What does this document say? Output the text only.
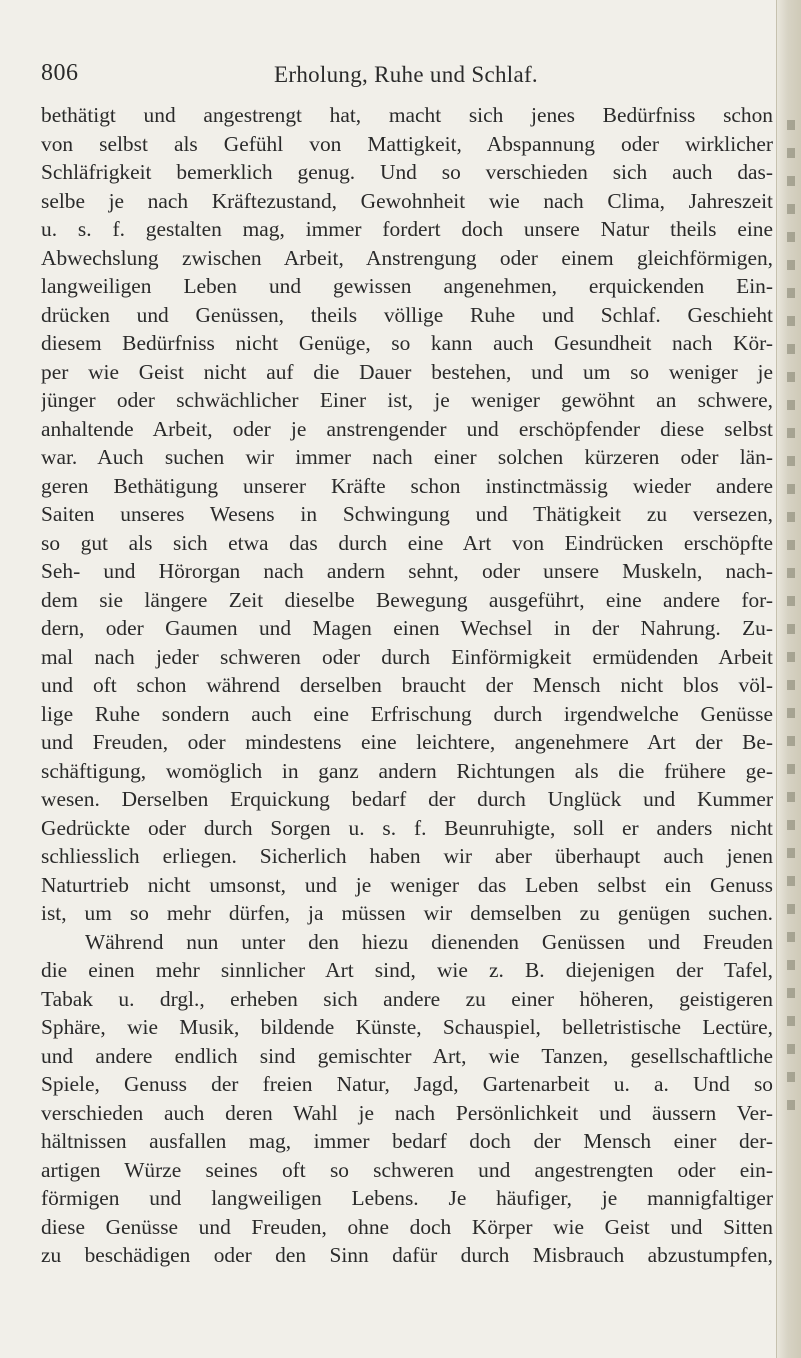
806	Erholung, Ruhe und Schlaf.
bethätigt und angestrengt hat, macht sich jenes Bedürfniss schon
von selbst als Gefühl von Mattigkeit, Abspannung oder wirklicher
Schläfrigkeit bemerklich genug. Und so verschieden sich auch das-
selbe je nach Kräftezustand, Gewohnheit wie nach Clima, Jahreszeit
u. s. f. gestalten mag, immer fordert doch unsere Natur theils eine
Abwechslung zwischen Arbeit, Anstrengung oder einem gleichförmigen,
langweiligen Leben und gewissen angenehmen, erquickenden Ein-
drücken und Genüssen, theils völlige Ruhe und Schlaf. Geschieht
diesem Bedürfniss nicht Genüge, so kann auch Gesundheit nach Kör-
per wie Geist nicht auf die Dauer bestehen, und um so weniger je
jünger oder schwächlicher Einer ist, je weniger gewöhnt an schwere,
anhaltende Arbeit, oder je anstrengender und erschöpfender diese selbst
war. Auch suchen wir immer nach einer solchen kürzeren oder län-
geren Bethätigung unserer Kräfte schon instinctmässig wieder andere
Saiten unseres Wesens in Schwingung und Thätigkeit zu versezen,
so gut als sich etwa das durch eine Art von Eindrücken erschöpfte
Seh- und Hörorgan nach andern sehnt, oder unsere Muskeln, nach-
dem sie längere Zeit dieselbe Bewegung ausgeführt, eine andere for-
dern, oder Gaumen und Magen einen Wechsel in der Nahrung. Zu-
mal nach jeder schweren oder durch Einförmigkeit ermüdenden Arbeit
und oft schon während derselben braucht der Mensch nicht blos völ-
lige Ruhe sondern auch eine Erfrischung durch irgendwelche Genüsse
und Freuden, oder mindestens eine leichtere, angenehmere Art der Be-
schäftigung, womöglich in ganz andern Richtungen als die frühere ge-
wesen. Derselben Erquickung bedarf der durch Unglück und Kummer
Gedrückte oder durch Sorgen u. s. f. Beunruhigte, soll er anders nicht
schliesslich erliegen. Sicherlich haben wir aber überhaupt auch jenen
Naturtrieb nicht umsonst, und je weniger das Leben selbst ein Genuss
ist, um so mehr dürfen, ja müssen wir demselben zu genügen suchen.
Während nun unter den hiezu dienenden Genüssen und Freuden
die einen mehr sinnlicher Art sind, wie z. B. diejenigen der Tafel,
Tabak u. drgl., erheben sich andere zu einer höheren, geistigeren
Sphäre, wie Musik, bildende Künste, Schauspiel, belletristische Lectüre,
und andere endlich sind gemischter Art, wie Tanzen, gesellschaftliche
Spiele, Genuss der freien Natur, Jagd, Gartenarbeit u. a. Und so
verschieden auch deren Wahl je nach Persönlichkeit und äussern Ver-
hältnissen ausfallen mag, immer bedarf doch der Mensch einer der-
artigen Würze seines oft so schweren und angestrengten oder ein-
förmigen und langweiligen Lebens. Je häufiger, je mannigfaltiger
diese Genüsse und Freuden, ohne doch Körper wie Geist und Sitten
zu beschädigen oder den Sinn dafür durch Misbrauch abzustumpfen,
